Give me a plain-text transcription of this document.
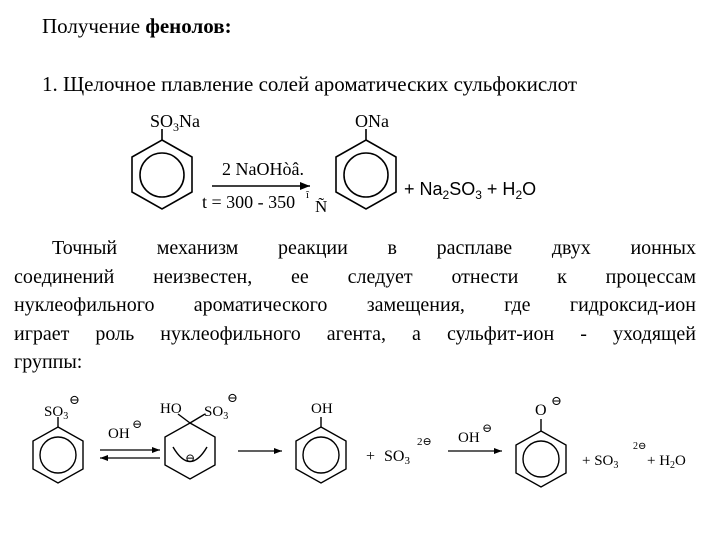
Получение фенолов:
1. Щелочное плавление солей ароматических сульфокислот
$SO_3Na$
2 NaOHòâ.
t = 300 - 350 î
Ñ
ONa
+ $Na_2SO_3 + H_2O$
$SO_3$
⊖
OH
⊖
⊖
HO $SO_3$
⊖
OH
+ SO3
2⊖ OH
⊖
O
⊖
+ $SO_3$
2⊖
+ $H_2O$
Точный механизм реакции в расплаве двух ионных
соединений неизвестен, ее следует отнести к процессам
нуклеофильного ароматического замещения, где гидроксид-ион
играет роль нуклеофильного агента, а сульфит-ион - уходящей
группы:
